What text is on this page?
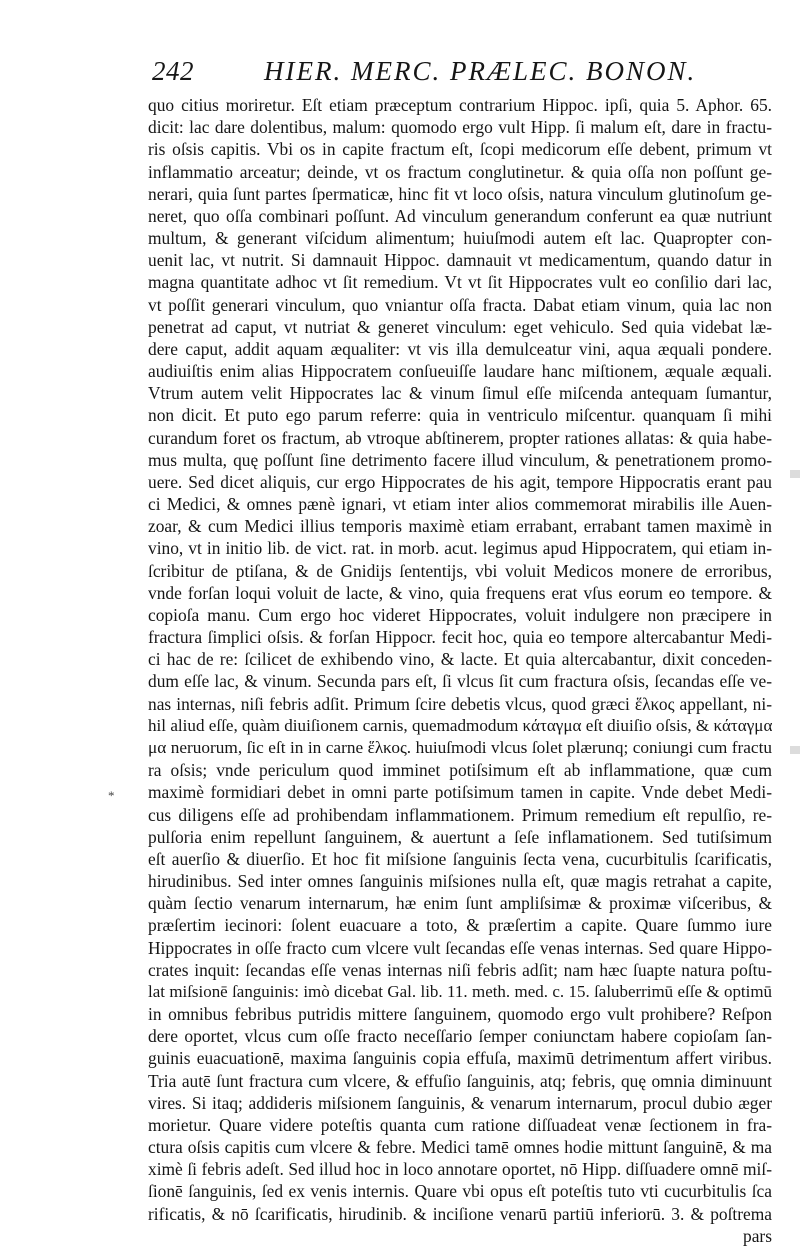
242	HIER. MERC. PRÆLEC. BONON.
quo citius moriretur. Eſt etiam præceptum contrarium Hippoc. ipſi, quia 5. Aphor. 65.
dicit: lac dare dolentibus, malum: quomodo ergo vult Hipp. ſi malum eſt, dare in fractu-
ris oſsis capitis. Vbi os in capite fractum eſt, ſcopi medicorum eſſe debent, primum vt
inflammatio arceatur; deinde, vt os fractum conglutinetur. & quia oſſa non poſſunt ge-
nerari, quia ſunt partes ſpermaticæ, hinc fit vt loco oſsis, natura vinculum glutinoſum ge-
neret, quo oſſa combinari poſſunt. Ad vinculum generandum conferunt ea quæ nutriunt
multum, & generant viſcidum alimentum; huiuſmodi autem eſt lac. Quapropter con-
uenit lac, vt nutrit. Si damnauit Hippoc. damnauit vt medicamentum, quando datur in
magna quantitate adhoc vt ſit remedium. Vt vt ſit Hippocrates vult eo conſilio dari lac,
vt poſſit generari vinculum, quo vniantur oſſa fracta. Dabat etiam vinum, quia lac non
penetrat ad caput, vt nutriat & generet vinculum: eget vehiculo. Sed quia videbat læ-
dere caput, addit aquam æqualiter: vt vis illa demulceatur vini, aqua æquali pondere.
audiuiſtis enim alias Hippocratem conſueuiſſe laudare hanc miſtionem, æquale æquali.
Vtrum autem velit Hippocrates lac & vinum ſimul eſſe miſcenda antequam ſumantur,
non dicit. Et puto ego parum referre: quia in ventriculo miſcentur. quanquam ſi mihi
curandum foret os fractum, ab vtroque abſtinerem, propter rationes allatas: & quia habe-
mus multa, quę poſſunt ſine detrimento facere illud vinculum, & penetrationem promo-
uere. Sed dicet aliquis, cur ergo Hippocrates de his agit, tempore Hippocratis erant pau
ci Medici, & omnes pænè ignari, vt etiam inter alios commemorat mirabilis ille Auen-
zoar, & cum Medici illius temporis maximè etiam errabant, errabant tamen maximè in
vino, vt in initio lib. de vict. rat. in morb. acut. legimus apud Hippocratem, qui etiam in-
ſcribitur de ptiſana, & de Gnidijs ſententijs, vbi voluit Medicos monere de erroribus,
vnde forſan loqui voluit de lacte, & vino, quia frequens erat vſus eorum eo tempore. &
copioſa manu. Cum ergo hoc videret Hippocrates, voluit indulgere non præcipere in
fractura ſimplici oſsis. & forſan Hippocr. fecit hoc, quia eo tempore altercabantur Medi-
ci hac de re: ſcilicet de exhibendo vino, & lacte. Et quia altercabantur, dixit conceden-
dum eſſe lac, & vinum. Secunda pars eſt, ſi vlcus ſit cum fractura oſsis, ſecandas eſſe ve-
nas internas, niſi febris adſit. Primum ſcire debetis vlcus, quod græci ἕλκος appellant, ni-
hil aliud eſſe, quàm diuiſionem carnis, quemadmodum κάταγμα eſt diuiſio oſsis, & κάταγμα
μα neruorum, ſic eſt in in carne ἕλκος. huiuſmodi vlcus ſolet plærunq; coniungi cum fractu
ra oſsis; vnde periculum quod imminet potiſsimum eſt ab inflammatione, quæ cum
maximè formidiari debet in omni parte potiſsimum tamen in capite. Vnde debet Medi-
cus diligens eſſe ad prohibendam inflammationem. Primum remedium eſt repulſio, re-
pulſoria enim repellunt ſanguinem, & auertunt a ſeſe inflamationem. Sed tutiſsimum
eſt auerſio & diuerſio. Et hoc fit miſsione ſanguinis ſecta vena, cucurbitulis ſcarificatis,
hirudinibus. Sed inter omnes ſanguinis miſsiones nulla eſt, quæ magis retrahat a capite,
quàm ſectio venarum internarum, hæ enim ſunt ampliſsimæ & proximæ viſceribus, &
præſertim iecinori: ſolent euacuare a toto, & præſertim a capite. Quare ſummo iure
Hippocrates in oſſe fracto cum vlcere vult ſecandas eſſe venas internas. Sed quare Hippo-
crates inquit: ſecandas eſſe venas internas niſi febris adſit; nam hæc ſuapte natura poſtu-
lat miſsionē ſanguinis: imò dicebat Gal. lib. 11. meth. med. c. 15. ſaluberrimū eſſe & optimū
in omnibus febribus putridis mittere ſanguinem, quomodo ergo vult prohibere? Reſpon
dere oportet, vlcus cum oſſe fracto neceſſario ſemper coniunctam habere copioſam ſan-
guinis euacuationē, maxima ſanguinis copia effuſa, maximū detrimentum affert viribus.
Tria autē ſunt fractura cum vlcere, & effuſio ſanguinis, atq; febris, quę omnia diminuunt
vires. Si itaq; addideris miſsionem ſanguinis, & venarum internarum, procul dubio æger
morietur. Quare videre poteſtis quanta cum ratione diſſuadeat venæ ſectionem in fra-
ctura oſsis capitis cum vlcere & febre. Medici tamē omnes hodie mittunt ſanguinē, & ma
ximè ſi febris adeſt. Sed illud hoc in loco annotare oportet, nō Hipp. diſſuadere omnē miſ-
ſionē ſanguinis, ſed ex venis internis. Quare vbi opus eſt poteſtis tuto vti cucurbitulis ſca
rificatis, & nō ſcarificatis, hirudinib. & inciſione venarū partiū inferiorū. 3. & poſtrema
pars
*
